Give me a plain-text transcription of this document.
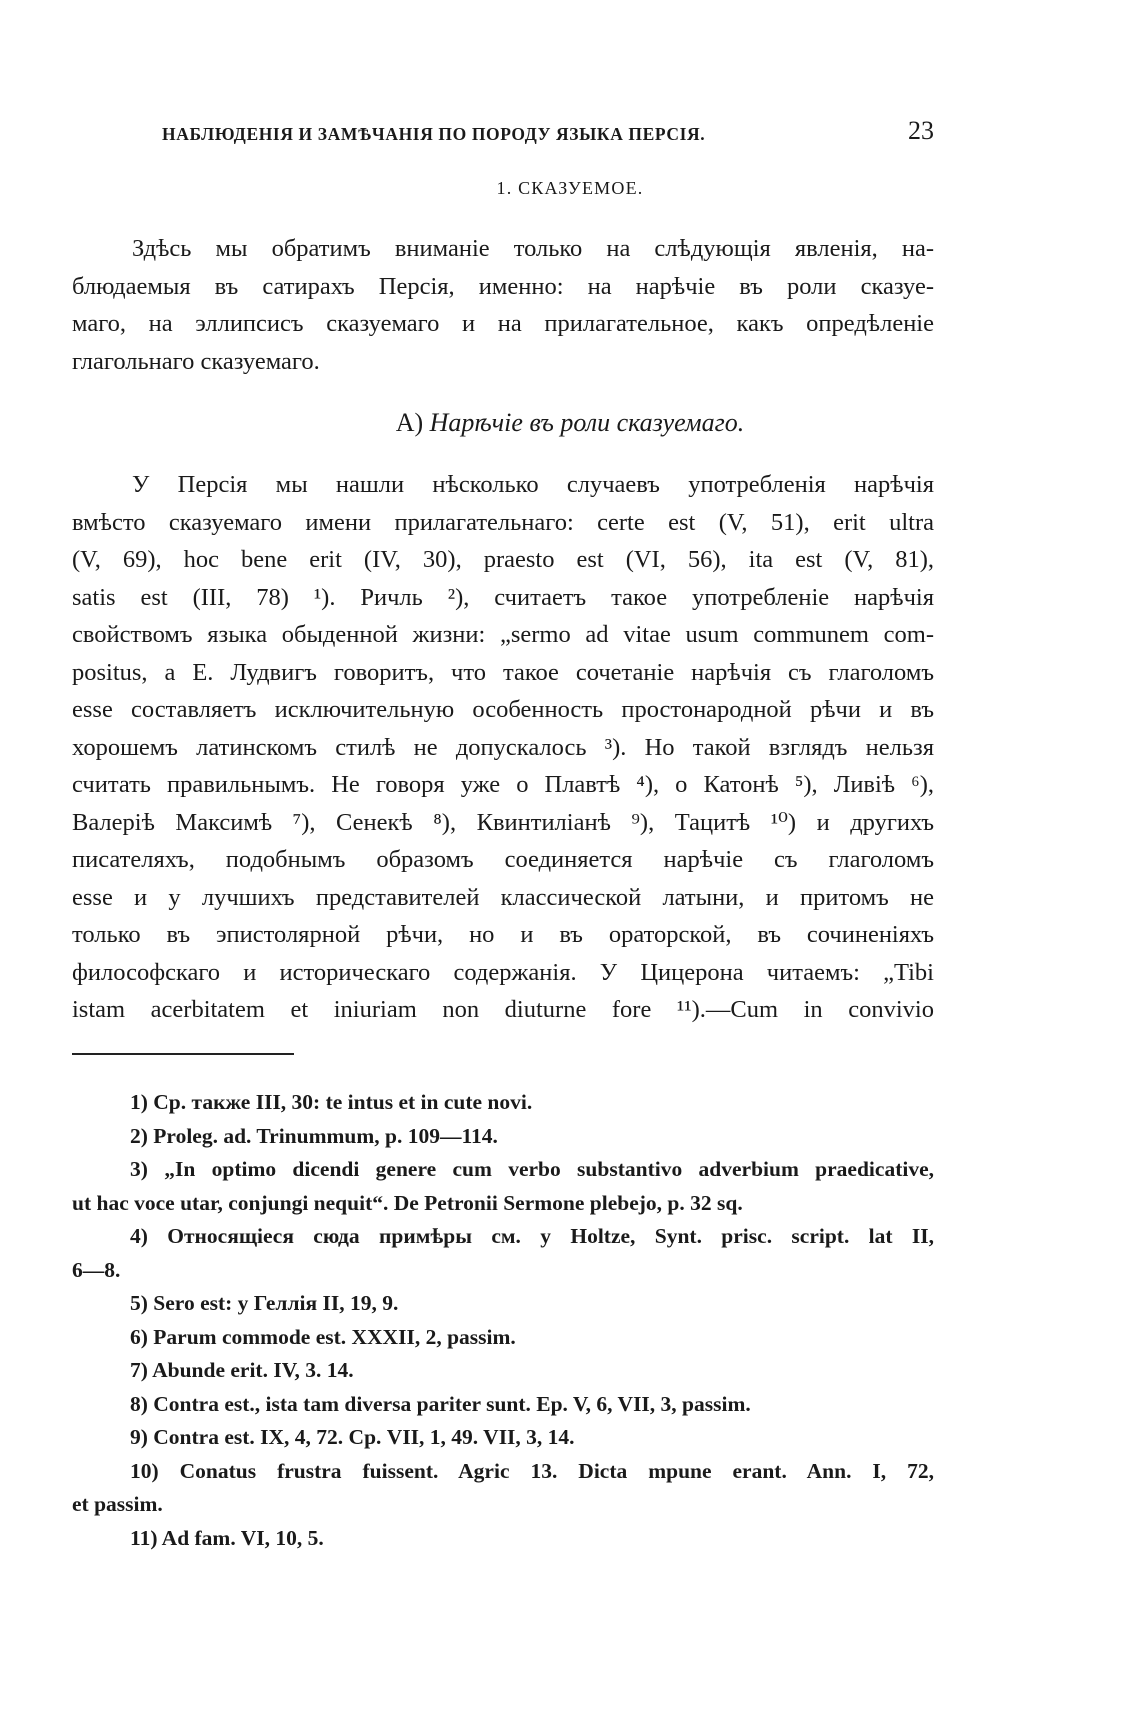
НАБЛЮДЕНІЯ И ЗАМѢЧАНІЯ ПО ПОРОДУ ЯЗЫКА ПЕРСІЯ.	23
1. СКАЗУЕМОЕ.
Здѣсь мы обратимъ вниманіе только на слѣдующія явленія, на-
блюдаемыя въ сатирахъ Персія, именно: на нарѣчіе въ роли сказуе-
маго, на эллипсисъ сказуемаго и на прилагательное, какъ опредѣленіе
глагольнаго сказуемаго.
А) Нарѣчіе въ роли сказуемаго.
У Персія мы нашли нѣсколько случаевъ употребленія нарѣчія
вмѣсто сказуемаго имени прилагательнаго: certe est (V, 51), erit ultra
(V, 69), hoc bene erit (IV, 30), praesto est (VI, 56), ita est (V, 81),
satis est (III, 78) ¹). Ричль ²), считаетъ такое употребленіе нарѣчія
свойствомъ языка обыденной жизни: „sermo ad vitae usum communem com-
positus, а Е. Лудвигъ говоритъ, что такое сочетаніе нарѣчія съ глаголомъ
esse составляетъ исключительную особенность простонародной рѣчи и въ
хорошемъ латинскомъ стилѣ не допускалось ³). Но такой взглядъ нельзя
считать правильнымъ. Не говоря уже о Плавтѣ ⁴), о Катонѣ ⁵), Ливіѣ ⁶),
Валеріѣ Максимѣ ⁷), Сенекѣ ⁸), Квинтиліанѣ ⁹), Тацитѣ ¹⁰) и другихъ
писателяхъ, подобнымъ образомъ соединяется нарѣчіе съ глаголомъ
esse и у лучшихъ представителей классической латыни, и притомъ не
только въ эпистолярной рѣчи, но и въ ораторской, въ сочиненіяхъ
философскаго и историческаго содержанія. У Цицерона читаемъ: „Tibi
istam acerbitatem et iniuriam non diuturne fore ¹¹).—Cum in convivio
1) Ср. также III, 30: te intus et in cute novi.
2) Proleg. ad. Trinummum, p. 109—114.
3) „In optimo dicendi genere cum verbo substantivo adverbium praedicative,
ut hac voce utar, conjungi nequit“. De Petronii Sermone plebejo, p. 32 sq.
4) Относящіеся сюда примѣры см. у Holtze, Synt. prisc. script. lat II,
6—8.
5) Sero est: у Геллія II, 19, 9.
6) Parum commode est. XXXII, 2, passim.
7) Abunde erit. IV, 3. 14.
8) Contra est., ista tam diversa pariter sunt. Ep. V, 6, VII, 3, passim.
9) Contra est. IX, 4, 72. Ср. VII, 1, 49. VII, 3, 14.
10) Conatus frustra fuissent. Agric 13. Dicta mpune erant. Ann. I, 72,
et passim.
11) Ad fam. VI, 10, 5.
